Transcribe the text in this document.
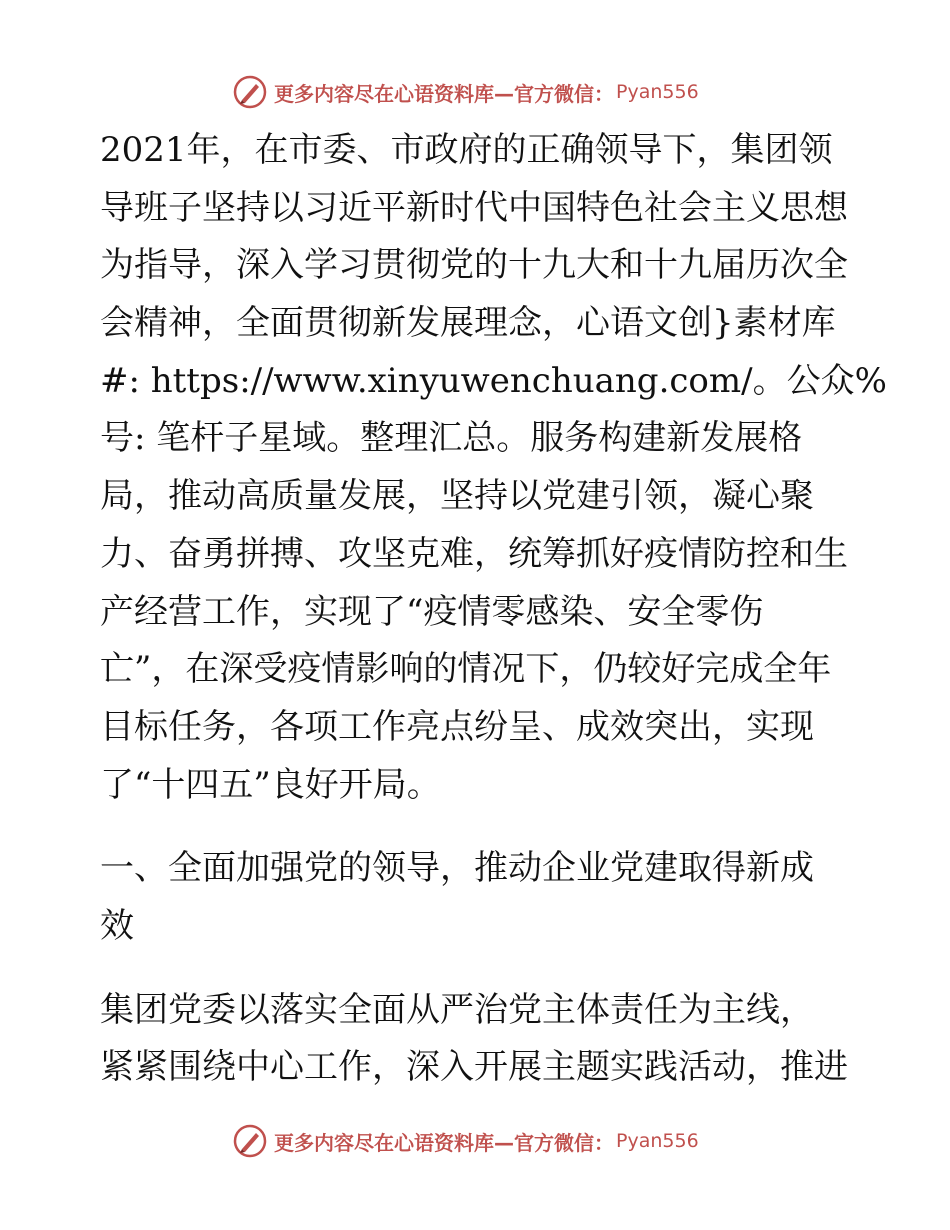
更多内容尽在心语资料库—官方微信： Pyan556
2021年，在市委、市政府的正确领导下，集团领
导班子坚持以习近平新时代中国特色社会主义思想
为指导，深入学习贯彻党的十九大和十九届历次全
会精神，全面贯彻新发展理念，心语文创}素材库
#: https://www.xinyuwenchuang.com/。公众%
号: 笔杆子星域。整理汇总。服务构建新发展格
局，推动高质量发展，坚持以党建引领，凝心聚
力、奋勇拼搏、攻坚克难，统筹抓好疫情防控和生
产经营工作，实现了“疫情零感染、安全零伤
亡”，在深受疫情影响的情况下，仍较好完成全年
目标任务，各项工作亮点纷呈、成效突出，实现
了“十四五”良好开局。
一、全面加强党的领导，推动企业党建取得新成
效
集团党委以落实全面从严治党主体责任为主线，
紧紧围绕中心工作，深入开展主题实践活动，推进
更多内容尽在心语资料库—官方微信： Pyan556
